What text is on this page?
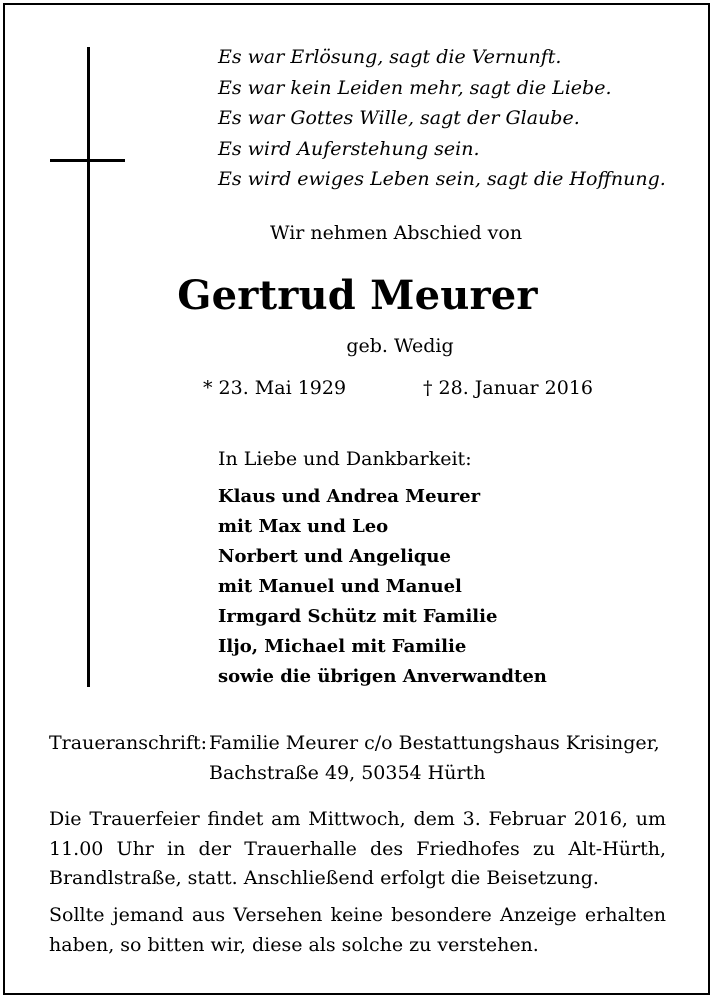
Es war Erlösung, sagt die Vernunft.
Es war kein Leiden mehr, sagt die Liebe.
Es war Gottes Wille, sagt der Glaube.
Es wird Auferstehung sein.
Es wird ewiges Leben sein, sagt die Hoffnung.
Wir nehmen Abschied von
Gertrud Meurer
geb. Wedig
* 23. Mai 1929	† 28. Januar 2016
In Liebe und Dankbarkeit:
Klaus und Andrea Meurer
mit Max und Leo
Norbert und Angelique
mit Manuel und Manuel
Irmgard Schütz mit Familie
Iljo, Michael mit Familie
sowie die übrigen Anverwandten
Traueranschrift: Familie Meurer c/o Bestattungshaus Krisinger,
Bachstraße 49, 50354 Hürth
Die Trauerfeier findet am Mittwoch, dem 3. Februar 2016, um
11.00 Uhr in der Trauerhalle des Friedhofes zu Alt-Hürth,
Brandlstraße, statt. Anschließend erfolgt die Beisetzung.
Sollte jemand aus Versehen keine besondere Anzeige erhalten
haben, so bitten wir, diese als solche zu verstehen.
